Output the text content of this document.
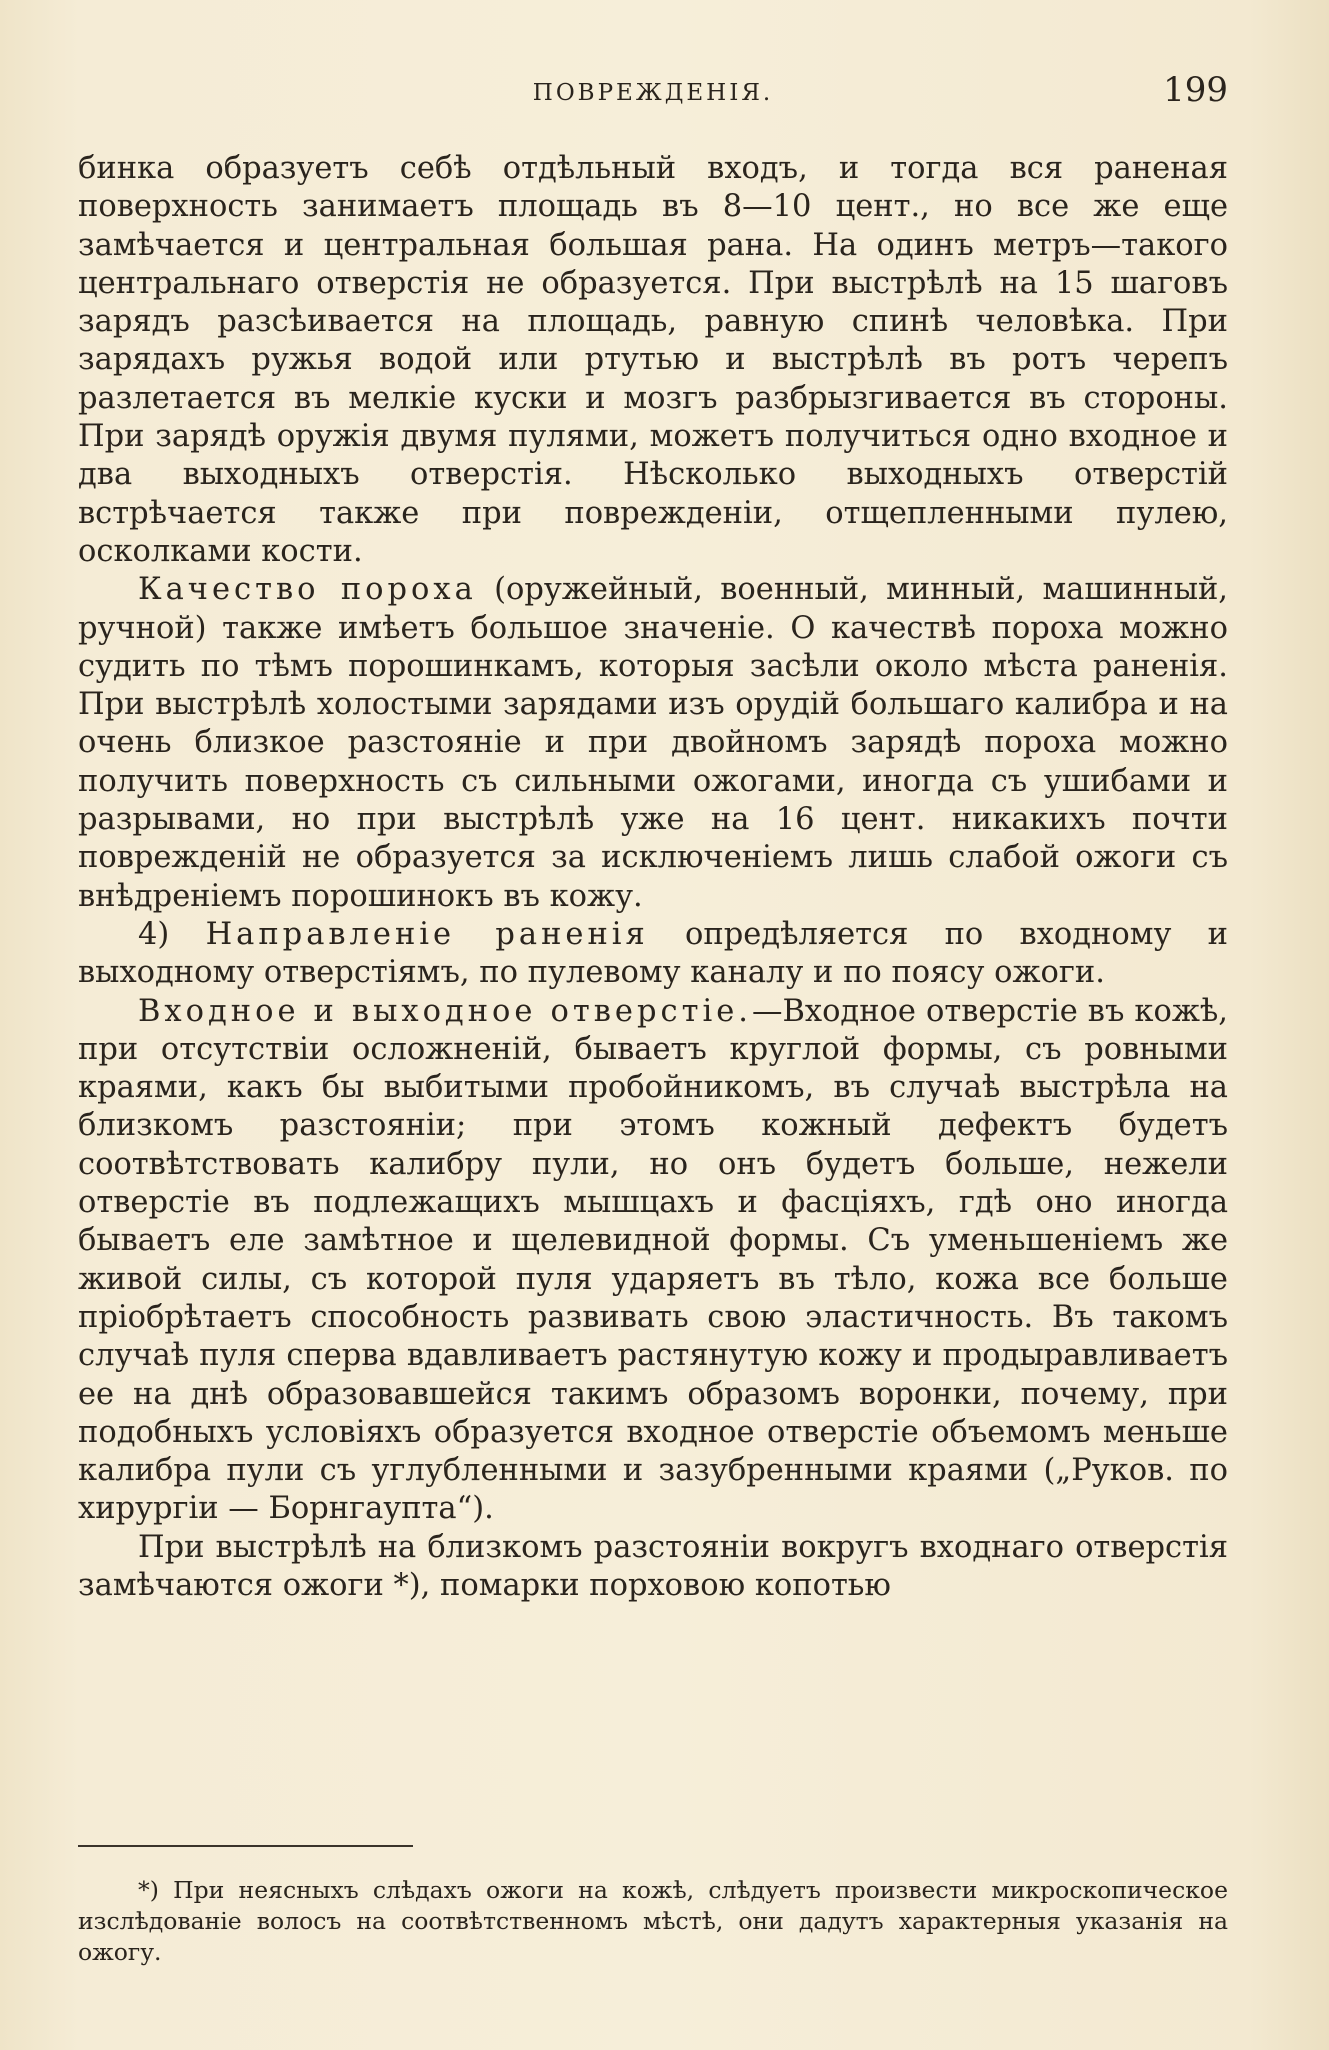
ПОВРЕЖДЕНІЯ.	199

бинка образуетъ себѣ отдѣльный входъ, и тогда вся раненая поверхность занимаетъ площадь въ 8—10 цент., но все же еще замѣчается и центральная большая рана. На одинъ метръ—такого центральнаго отверстія не образуется. При выстрѣлѣ на 15 шаговъ зарядъ разсѣивается на площадь, равную спинѣ человѣка. При зарядахъ ружья водой или ртутью и выстрѣлѣ въ ротъ черепъ разлетается въ мелкіе куски и мозгъ разбрызгивается въ стороны. При зарядѣ оружія двумя пулями, можетъ получиться одно входное и два выходныхъ отверстія. Нѣсколько выходныхъ отверстій встрѣчается также при поврежденіи, отщепленными пулею, осколками кости.

Качество пороха (оружейный, военный, минный, машинный, ручной) также имѣетъ большое значеніе. О качествѣ пороха можно судить по тѣмъ порошинкамъ, которыя засѣли около мѣста раненія. При выстрѣлѣ холостыми зарядами изъ орудій большаго калибра и на очень близкое разстояніе и при двойномъ зарядѣ пороха можно получить поверхность съ сильными ожогами, иногда съ ушибами и разрывами, но при выстрѣлѣ уже на 16 цент. никакихъ почти поврежденій не образуется за исключеніемъ лишь слабой ожоги съ внѣдреніемъ порошинокъ въ кожу.

4) Направленіе раненія опредѣляется по входному и выходному отверстіямъ, по пулевому каналу и по поясу ожоги.

Входное и выходное отверстіе.—Входное отверстіе въ кожѣ, при отсутствіи осложненій, бываетъ круглой формы, съ ровными краями, какъ бы выбитыми пробойникомъ, въ случаѣ выстрѣла на близкомъ разстояніи; при этомъ кожный дефектъ будетъ соотвѣтствовать калибру пули, но онъ будетъ больше, нежели отверстіе въ подлежащихъ мышцахъ и фасціяхъ, гдѣ оно иногда бываетъ еле замѣтное и щелевидной формы. Съ уменьшеніемъ же живой силы, съ которой пуля ударяетъ въ тѣло, кожа все больше пріобрѣтаетъ способность развивать свою эластичность. Въ такомъ случаѣ пуля сперва вдавливаетъ растянутую кожу и продыравливаетъ ее на днѣ образовавшейся такимъ образомъ воронки, почему, при подобныхъ условіяхъ образуется входное отверстіе объемомъ меньше калибра пули съ углубленными и зазубренными краями („Руков. по хирургіи — Борнгаупта“).

При выстрѣлѣ на близкомъ разстояніи вокругъ входнаго отверстія замѣчаются ожоги *), помарки порховою копотью

*) При неясныхъ слѣдахъ ожоги на кожѣ, слѣдуетъ произвести микроскопическое изслѣдованіе волосъ на соотвѣтственномъ мѣстѣ, они дадутъ характерныя указанія на ожогу.
